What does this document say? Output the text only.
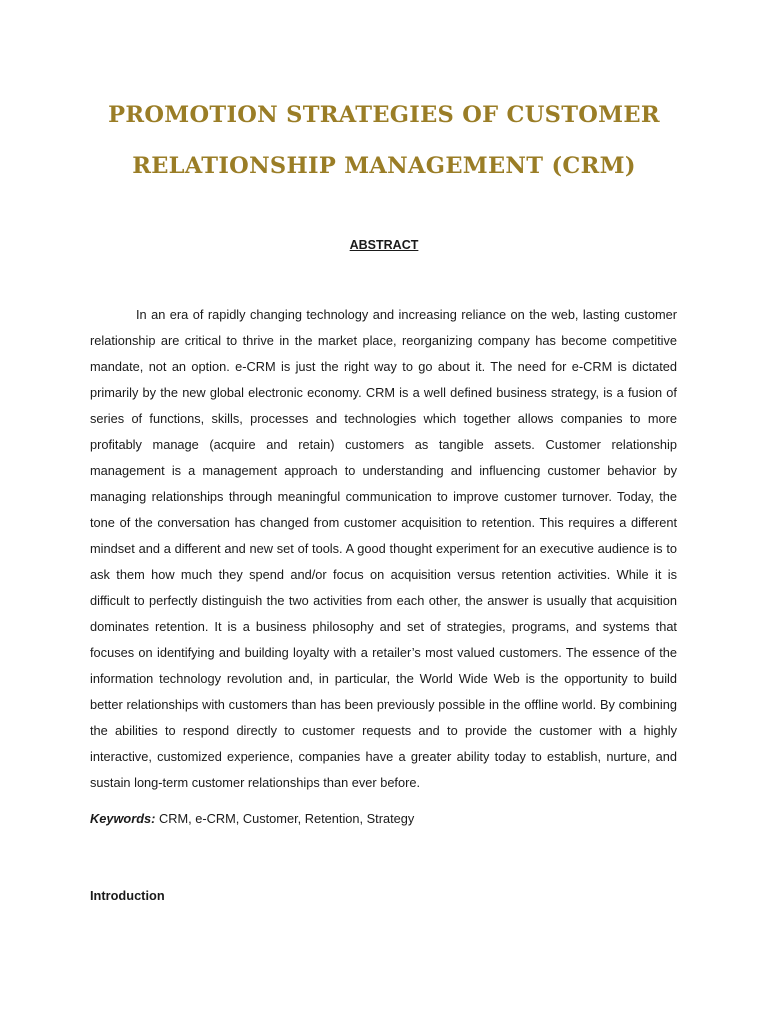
PROMOTION STRATEGIES OF CUSTOMER
RELATIONSHIP MANAGEMENT (CRM)
ABSTRACT

In an era of rapidly changing technology and increasing reliance on the web, lasting customer
relationship are critical to thrive in the market place, reorganizing company has become competitive
mandate, not an option. e-CRM is just the right way to go about it. The need for e-CRM is dictated
primarily by the new global electronic economy. CRM is a well defined business strategy, is a fusion of
series of functions, skills, processes and technologies which together allows companies to more
profitably manage (acquire and retain) customers as tangible assets. Customer relationship
management is a management approach to understanding and influencing customer behavior by
managing relationships through meaningful communication to improve customer turnover. Today, the
tone of the conversation has changed from customer acquisition to retention. This requires a different
mindset and a different and new set of tools. A good thought experiment for an executive audience is to
ask them how much they spend and/or focus on acquisition versus retention activities. While it is
difficult to perfectly distinguish the two activities from each other, the answer is usually that acquisition
dominates retention. It is a business philosophy and set of strategies, programs, and systems that
focuses on identifying and building loyalty with a retailer’s most valued customers. The essence of the
information technology revolution and, in particular, the World Wide Web is the opportunity to build
better relationships with customers than has been previously possible in the offline world. By combining
the abilities to respond directly to customer requests and to provide the customer with a highly
interactive, customized experience, companies have a greater ability today to establish, nurture, and
sustain long-term customer relationships than ever before.

Keywords: CRM, e-CRM, Customer, Retention, Strategy
Introduction
